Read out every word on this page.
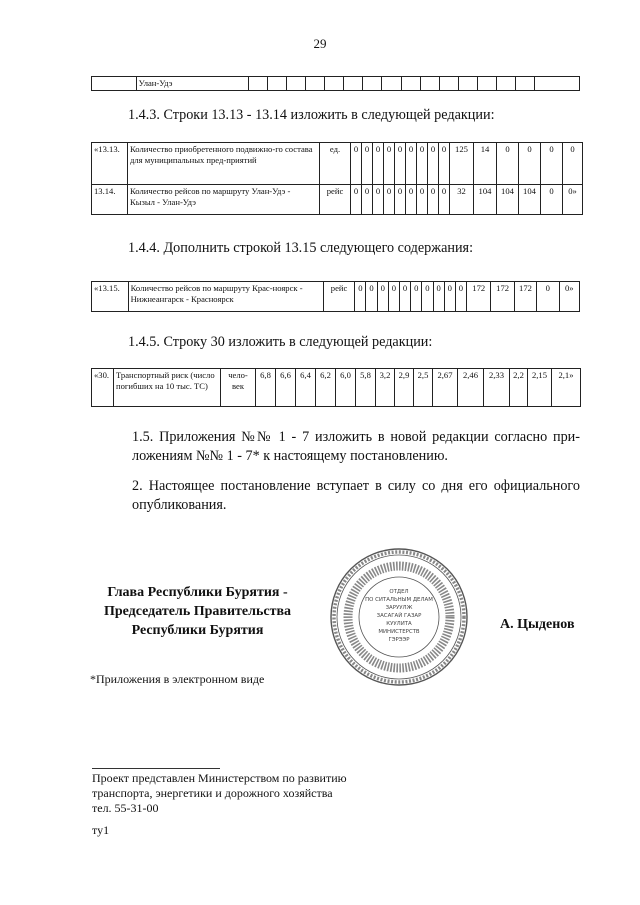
29
	Улан-Удэ																
1.4.3. Строки 13.13 - 13.14 изложить в следующей редакции:
«13.13.	Количество приобретенного подвижно-го состава для муниципальных пред-приятий	ед.	0	0	0	0	0	0	0	0	0	125	14	0	0	0	0
13.14.	Количество рейсов по маршруту Улан-Удэ - Кызыл - Улан-Удэ	рейс	0	0	0	0	0	0	0	0	0	32	104	104	104	0	0»
1.4.4. Дополнить строкой 13.15 следующего содержания:
«13.15.	Количество рейсов по маршруту Крас-ноярск - Нижнеангарск - Красноярск	рейс	0	0	0	0	0	0	0	0	0	0	172	172	172	0	0»
1.4.5. Строку 30 изложить в следующей редакции:
«30.	Транспортный риск (число погибших на 10 тыс. ТС)	чело-век	6,8	6,6	6,4	6,2	6,0	5,8	3,2	2,9	2,5	2,67	2,46	2,33	2,2	2,15	2,1»
1.5. Приложения №№ 1 - 7 изложить в новой редакции согласно при-ложениям №№ 1 - 7* к настоящему постановлению.
2. Настоящее постановление вступает в силу со дня его официального опубликования.
Глава Республики Бурятия -
Председатель Правительства
Республики Бурятия
ОТДЕЛ
ПО СИТАЛЬНЫМ ДЕЛАМ
ЗАРУУЛЖ
ЗАСАГАЙ ГАЗАР
КУУЛИТА
МИНИСТЕРСТВ
ГЭРЭЭР
А. Цыденов
*Приложения в электронном виде
Проект представлен Министерством по развитию
транспорта, энергетики и дорожного хозяйства
тел. 55-31-00
ту1
